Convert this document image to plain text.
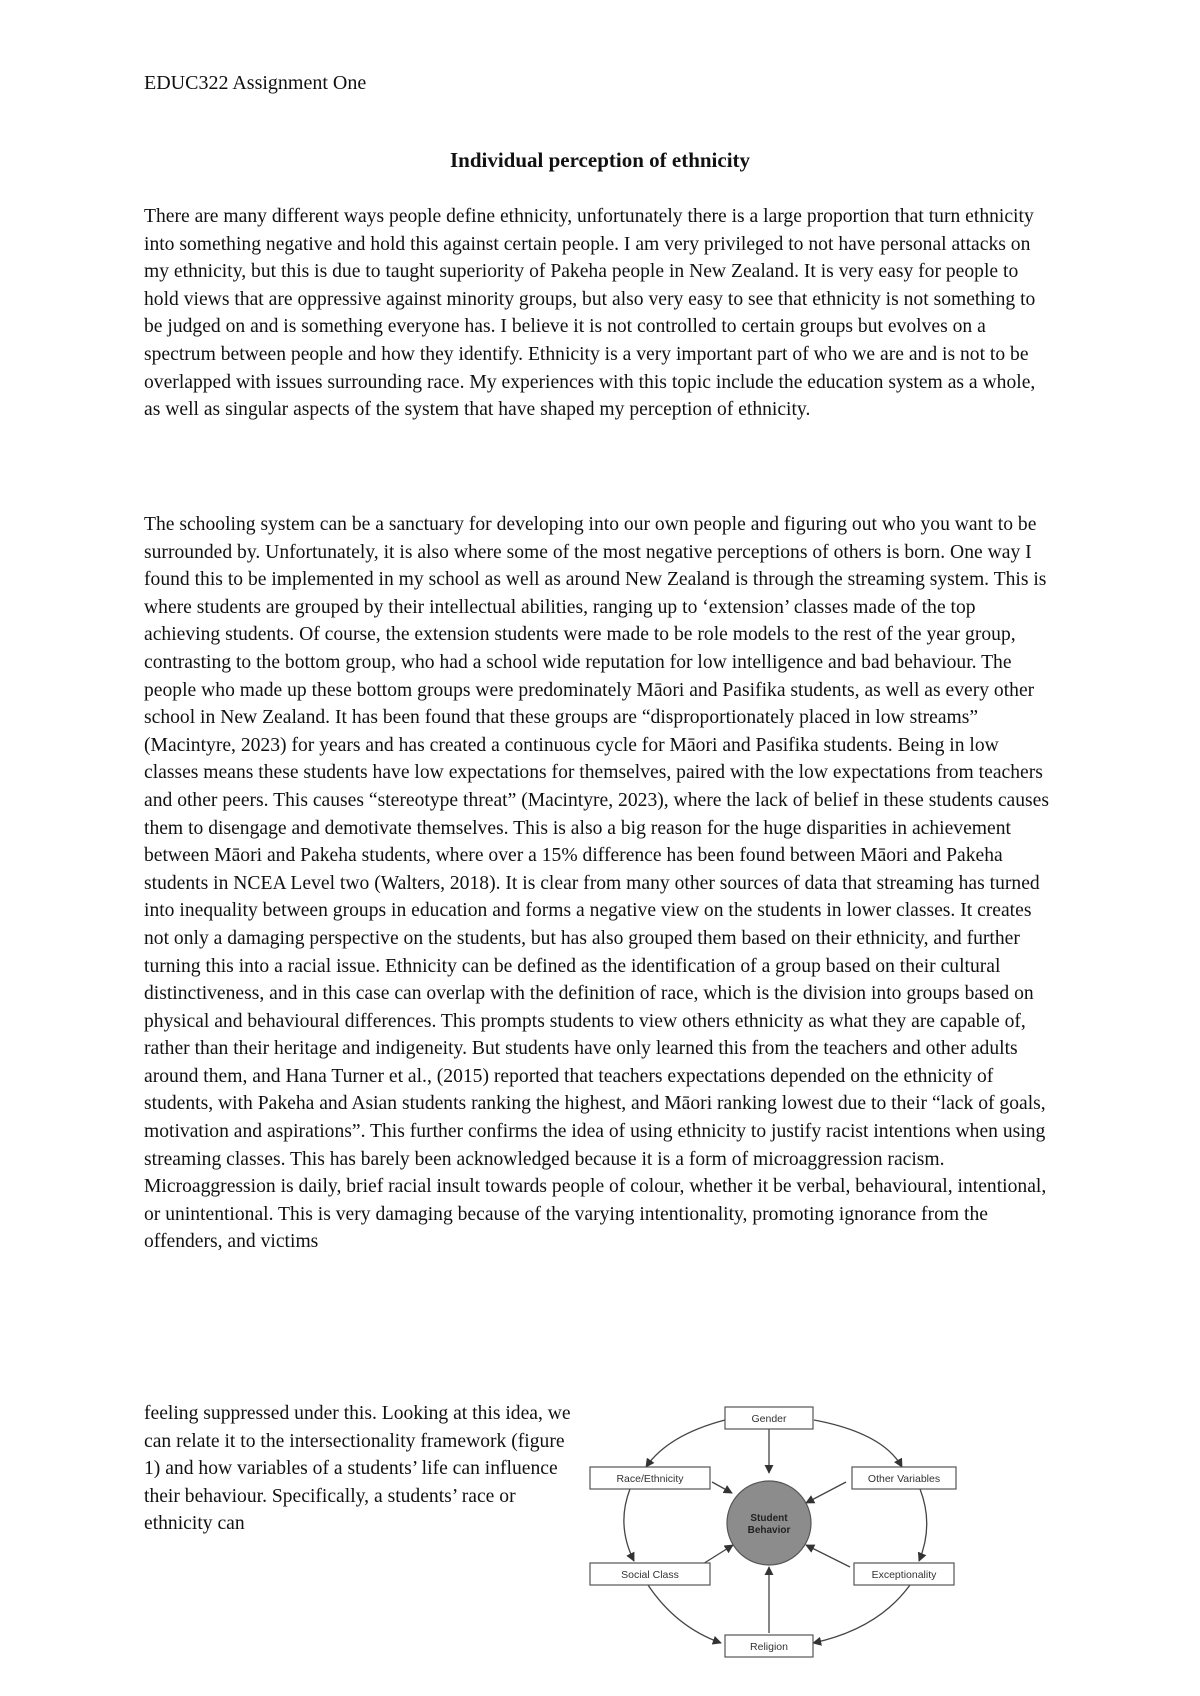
EDUC322 Assignment One
Individual perception of ethnicity

There are many different ways people define ethnicity, unfortunately there is a large proportion that turn ethnicity into something negative and hold this against certain people. I am very privileged to not have personal attacks on my ethnicity, but this is due to taught superiority of Pakeha people in New Zealand. It is very easy for people to hold views that are oppressive against minority groups, but also very easy to see that ethnicity is not something to be judged on and is something everyone has. I believe it is not controlled to certain groups but evolves on a spectrum between people and how they identify. Ethnicity is a very important part of who we are and is not to be overlapped with issues surrounding race. My experiences with this topic include the education system as a whole, as well as singular aspects of the system that have shaped my perception of ethnicity.

The schooling system can be a sanctuary for developing into our own people and figuring out who you want to be surrounded by. Unfortunately, it is also where some of the most negative perceptions of others is born. One way I found this to be implemented in my school as well as around New Zealand is through the streaming system. This is where students are grouped by their intellectual abilities, ranging up to ‘extension’ classes made of the top achieving students. Of course, the extension students were made to be role models to the rest of the year group, contrasting to the bottom group, who had a school wide reputation for low intelligence and bad behaviour. The people who made up these bottom groups were predominately Māori and Pasifika students, as well as every other school in New Zealand. It has been found that these groups are “disproportionately placed in low streams” (Macintyre, 2023) for years and has created a continuous cycle for Māori and Pasifika students. Being in low classes means these students have low expectations for themselves, paired with the low expectations from teachers and other peers. This causes “stereotype threat” (Macintyre, 2023), where the lack of belief in these students causes them to disengage and demotivate themselves. This is also a big reason for the huge disparities in achievement between Māori and Pakeha students, where over a 15% difference has been found between Māori and Pakeha students in NCEA Level two (Walters, 2018). It is clear from many other sources of data that streaming has turned into inequality between groups in education and forms a negative view on the students in lower classes. It creates not only a damaging perspective on the students, but has also grouped them based on their ethnicity, and further turning this into a racial issue. Ethnicity can be defined as the identification of a group based on their cultural distinctiveness, and in this case can overlap with the definition of race, which is the division into groups based on physical and behavioural differences. This prompts students to view others ethnicity as what they are capable of, rather than their heritage and indigeneity. But students have only learned this from the teachers and other adults around them, and Hana Turner et al., (2015) reported that teachers expectations depended on the ethnicity of students, with Pakeha and Asian students ranking the highest, and Māori ranking lowest due to their “lack of goals, motivation and aspirations”. This further confirms the idea of using ethnicity to justify racist intentions when using streaming classes. This has barely been acknowledged because it is a form of microaggression racism. Microaggression is daily, brief racial insult towards people of colour, whether it be verbal, behavioural, intentional, or unintentional. This is very damaging because of the varying intentionality, promoting ignorance from the offenders, and victims

feeling suppressed under this. Looking at this idea, we can relate it to the intersectionality framework (figure 1) and how variables of a students’ life can influence their behaviour. Specifically, a students’ race or ethnicity can	Student
Behavior
Gender
Race/Ethnicity	Other Variables
Social Class	Exceptionality
Religion
